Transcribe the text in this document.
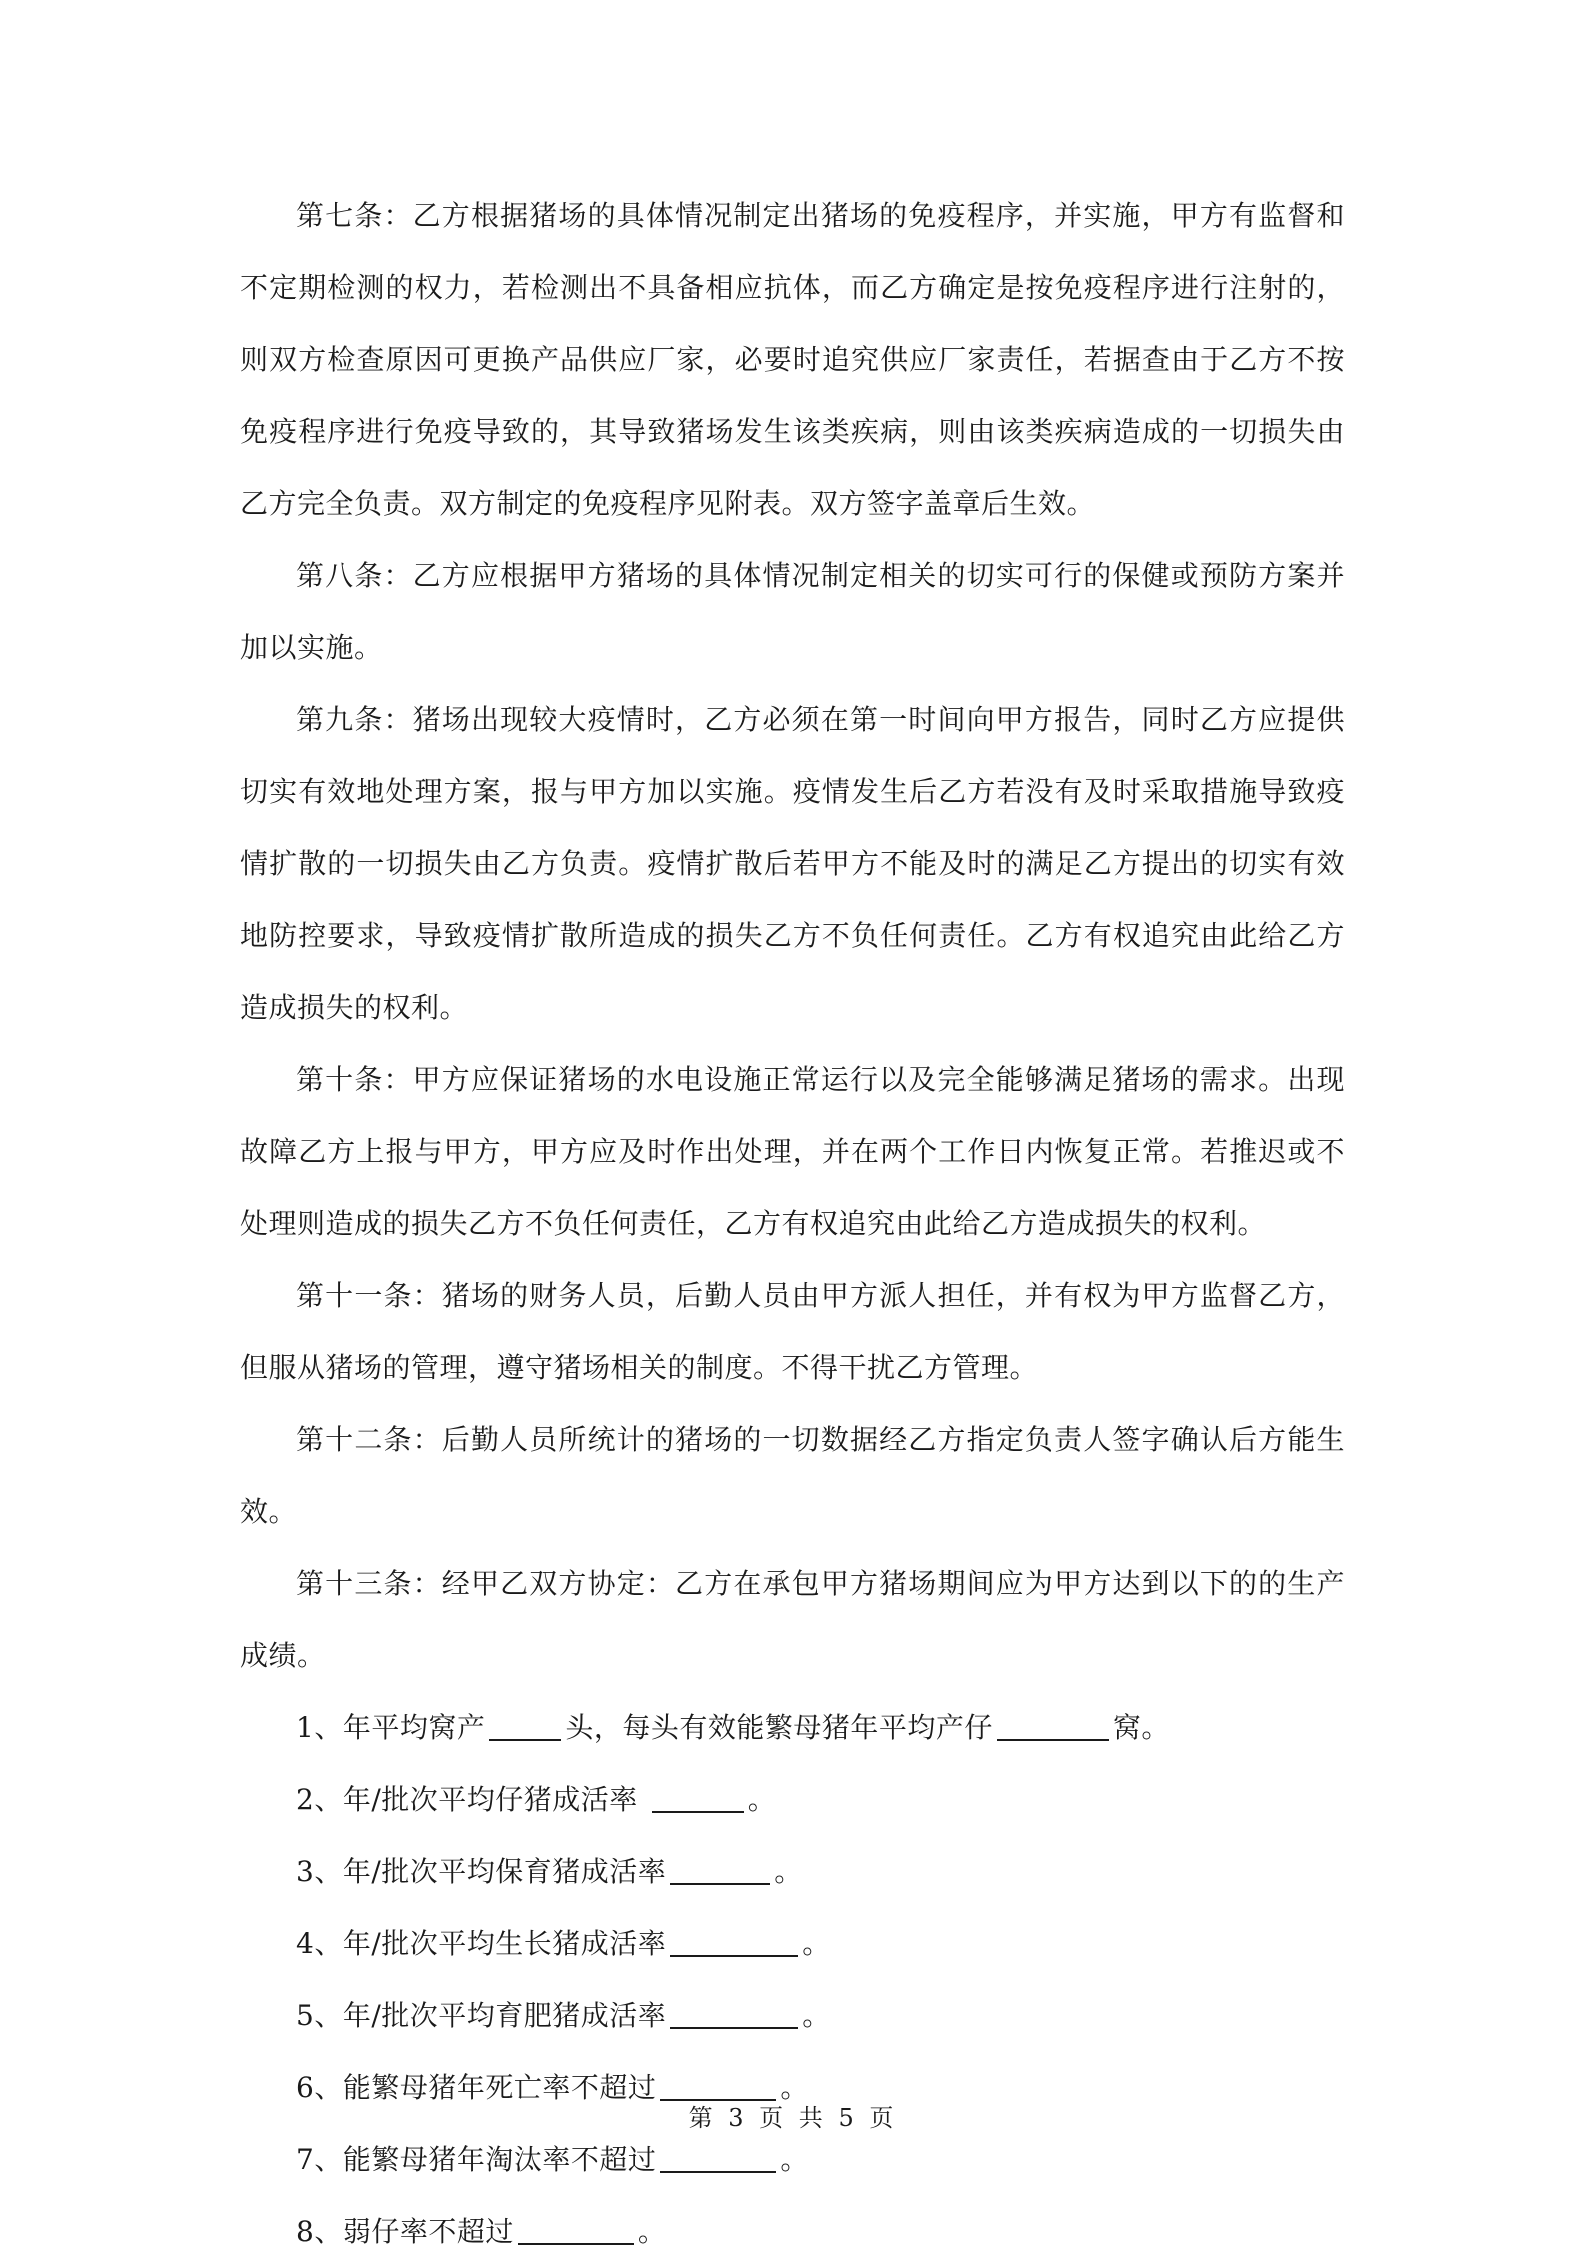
第七条：乙方根据猪场的具体情况制定出猪场的免疫程序，并实施，甲方有监督和不定期检测的权力，若检测出不具备相应抗体，而乙方确定是按免疫程序进行注射的，则双方检查原因可更换产品供应厂家，必要时追究供应厂家责任，若据查由于乙方不按免疫程序进行免疫导致的，其导致猪场发生该类疾病，则由该类疾病造成的一切损失由乙方完全负责。双方制定的免疫程序见附表。双方签字盖章后生效。

第八条：乙方应根据甲方猪场的具体情况制定相关的切实可行的保健或预防方案并加以实施。

第九条：猪场出现较大疫情时，乙方必须在第一时间向甲方报告，同时乙方应提供切实有效地处理方案，报与甲方加以实施。疫情发生后乙方若没有及时采取措施导致疫情扩散的一切损失由乙方负责。疫情扩散后若甲方不能及时的满足乙方提出的切实有效地防控要求，导致疫情扩散所造成的损失乙方不负任何责任。乙方有权追究由此给乙方造成损失的权利。

第十条：甲方应保证猪场的水电设施正常运行以及完全能够满足猪场的需求。出现故障乙方上报与甲方，甲方应及时作出处理，并在两个工作日内恢复正常。若推迟或不处理则造成的损失乙方不负任何责任，乙方有权追究由此给乙方造成损失的权利。

第十一条：猪场的财务人员，后勤人员由甲方派人担任，并有权为甲方监督乙方，但服从猪场的管理，遵守猪场相关的制度。不得干扰乙方管理。

第十二条：后勤人员所统计的猪场的一切数据经乙方指定负责人签字确认后方能生效。

第十三条：经甲乙双方协定：乙方在承包甲方猪场期间应为甲方达到以下的的生产成绩。

1、年平均窝产	头，每头有效能繁母猪年平均产仔	窝。

2、年/批次平均仔猪成活率	。

3、年/批次平均保育猪成活率	。

4、年/批次平均生长猪成活率	。

5、年/批次平均育肥猪成活率	。

6、能繁母猪年死亡率不超过	。

7、能繁母猪年淘汰率不超过	。

8、弱仔率不超过	。

第 3 页 共 5 页
